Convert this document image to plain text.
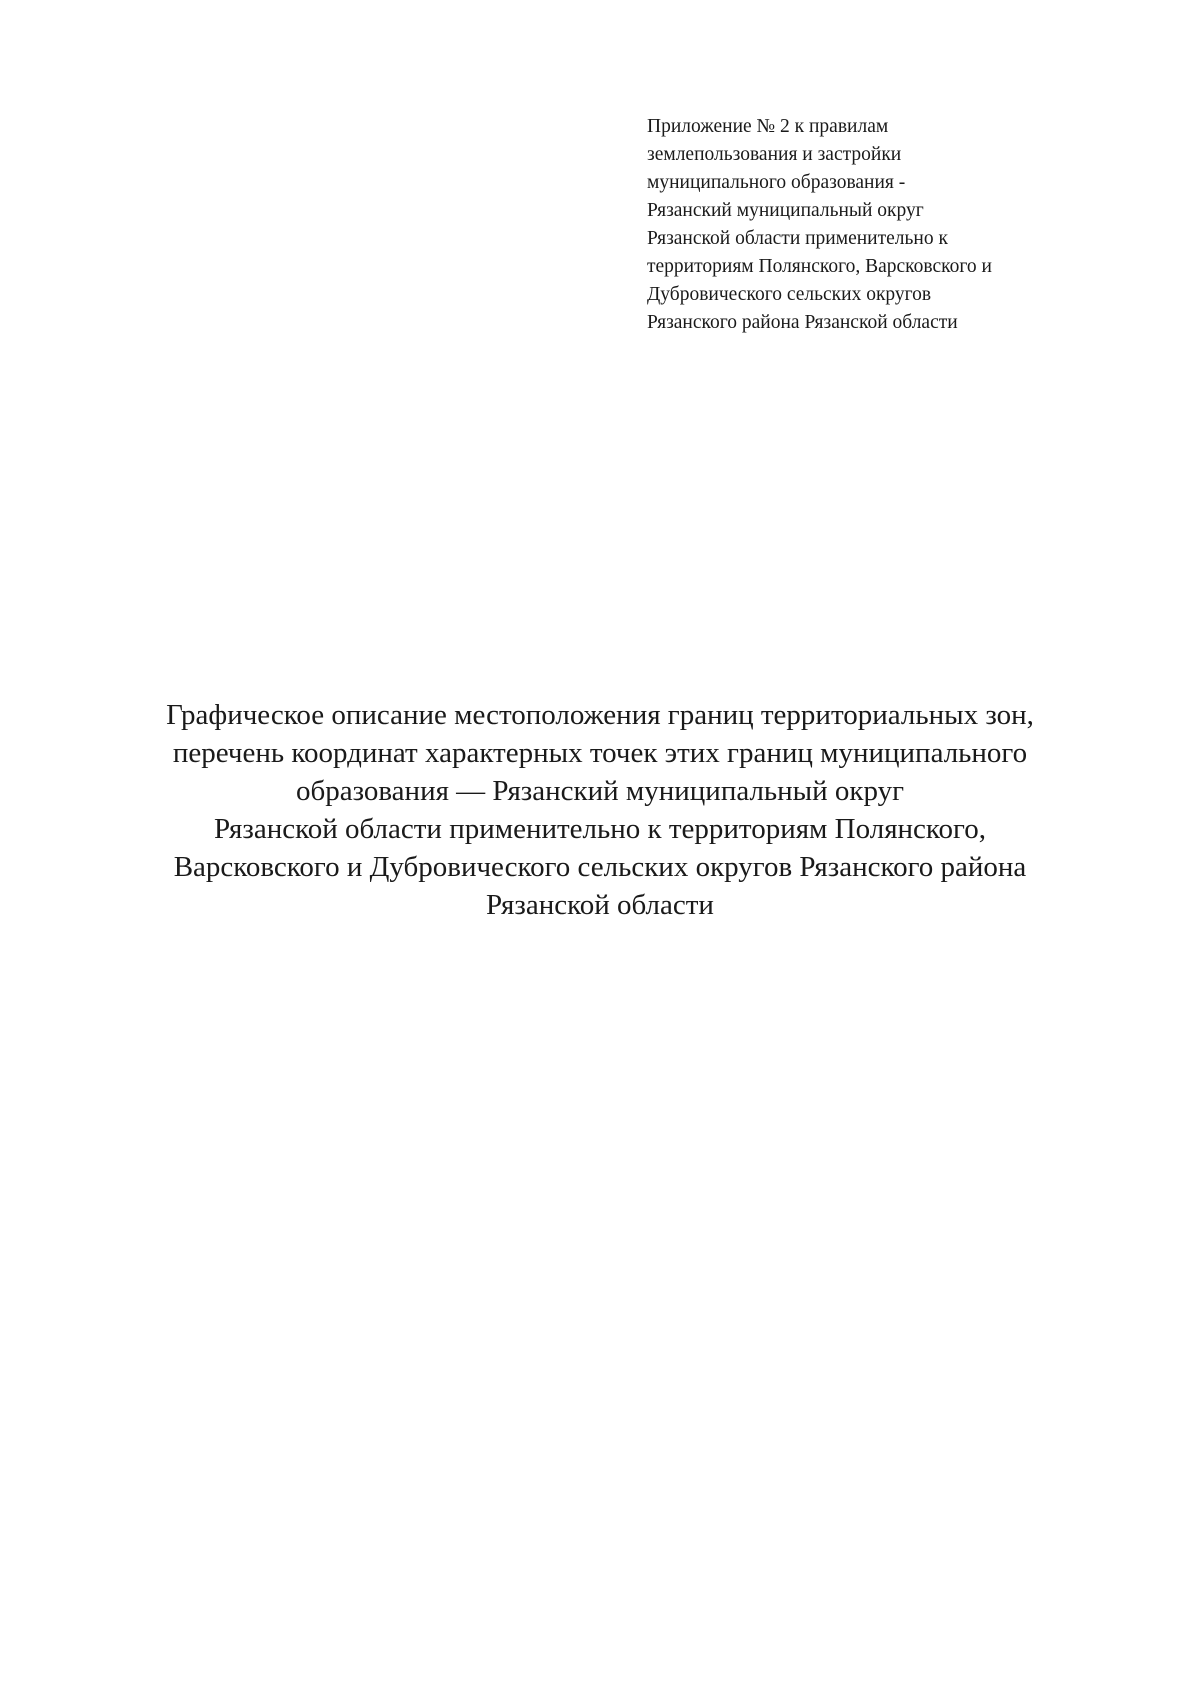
Приложение № 2 к правилам
землепользования и застройки
муниципального образования -
Рязанский муниципальный округ
Рязанской области применительно к
территориям Полянского, Варсковского и
Дубровического сельских округов
Рязанского района Рязанской области
Графическое описание местоположения границ территориальных зон,
перечень координат характерных точек этих границ муниципального
образования — Рязанский муниципальный округ
Рязанской области применительно к территориям Полянского,
Варсковского и Дубровического сельских округов Рязанского района
Рязанской области
